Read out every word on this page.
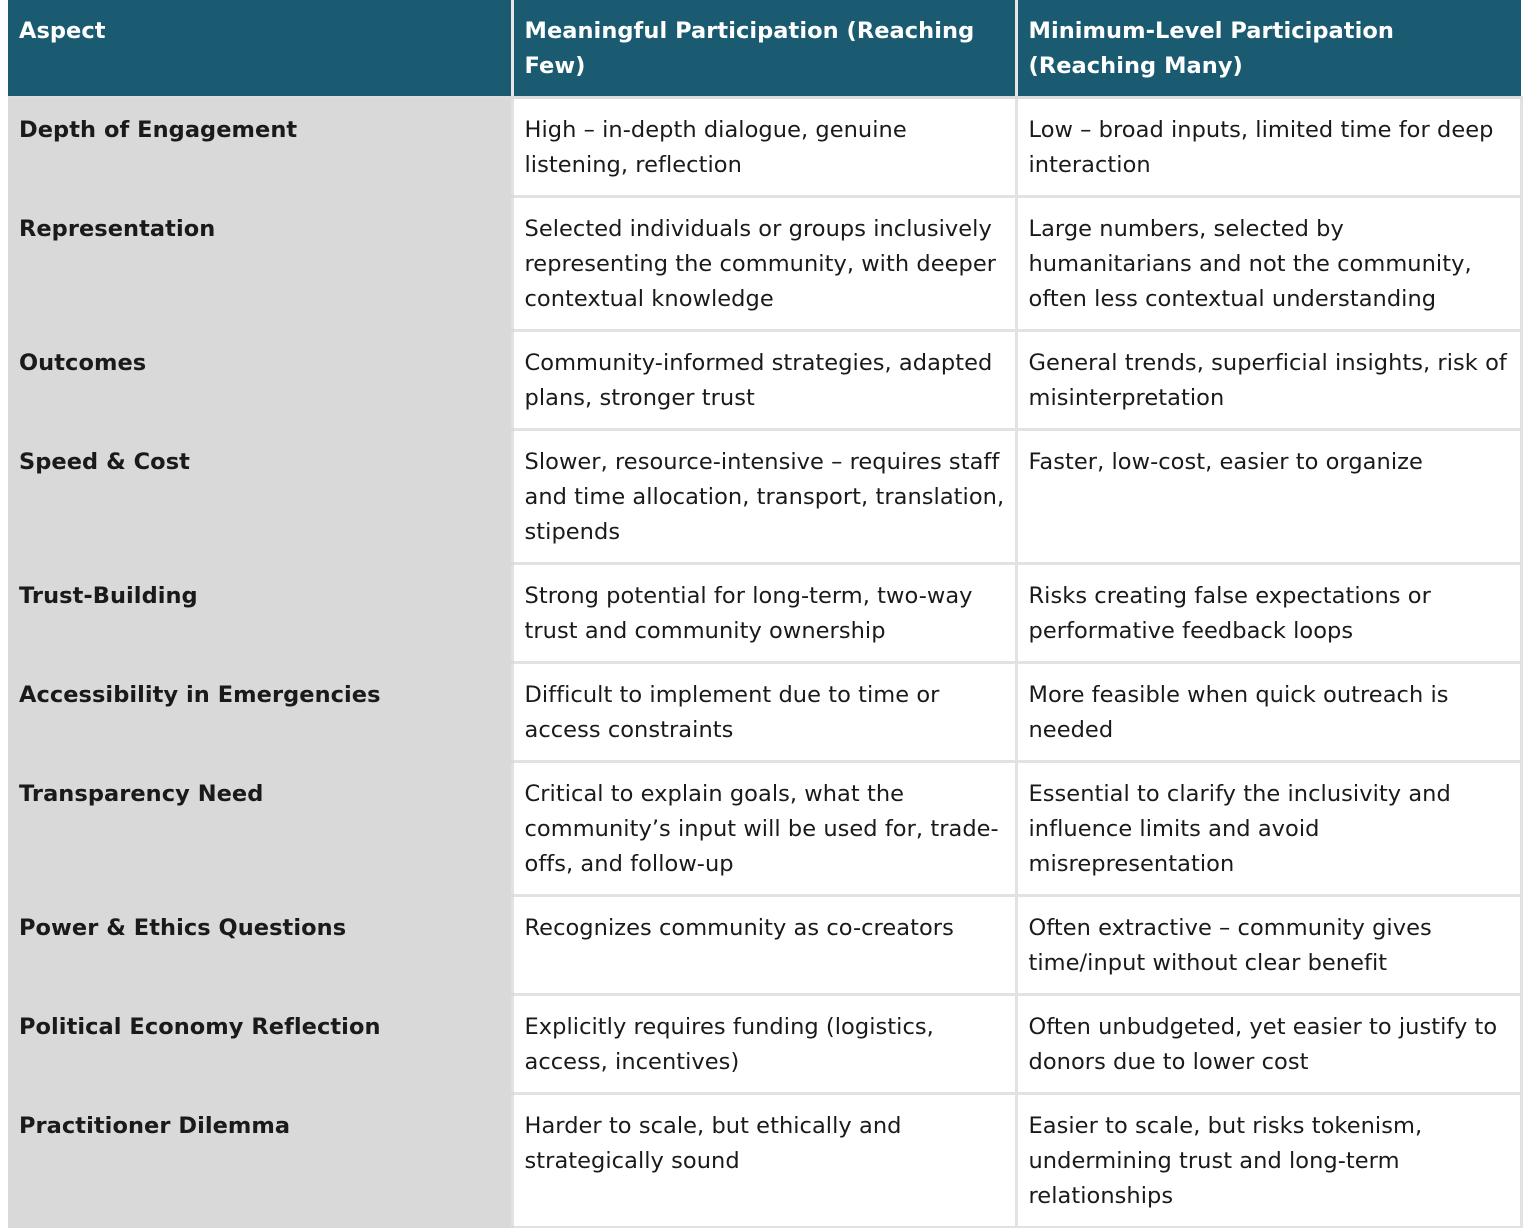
Aspect	Meaningful Participation (Reaching Few)	Minimum-Level Participation (Reaching Many)
Depth of Engagement	High – in-depth dialogue, genuine listening, reflection	Low – broad inputs, limited time for deep interaction
Representation	Selected individuals or groups inclusively representing the community, with deeper contextual knowledge	Large numbers, selected by humanitarians and not the community, often less contextual understanding
Outcomes	Community-informed strategies, adapted plans, stronger trust	General trends, superficial insights, risk of misinterpretation
Speed & Cost	Slower, resource-intensive – requires staff and time allocation, transport, translation, stipends	Faster, low-cost, easier to organize
Trust-Building	Strong potential for long-term, two-way trust and community ownership	Risks creating false expectations or performative feedback loops
Accessibility in Emergencies	Difficult to implement due to time or access constraints	More feasible when quick outreach is needed
Transparency Need	Critical to explain goals, what the community’s input will be used for, trade-offs, and follow-up	Essential to clarify the inclusivity and influence limits and avoid misrepresentation
Power & Ethics Questions	Recognizes community as co-creators	Often extractive – community gives time/input without clear benefit
Political Economy Reflection	Explicitly requires funding (logistics, access, incentives)	Often unbudgeted, yet easier to justify to donors due to lower cost
Practitioner Dilemma	Harder to scale, but ethically and strategically sound	Easier to scale, but risks tokenism, undermining trust and long-term relationships
